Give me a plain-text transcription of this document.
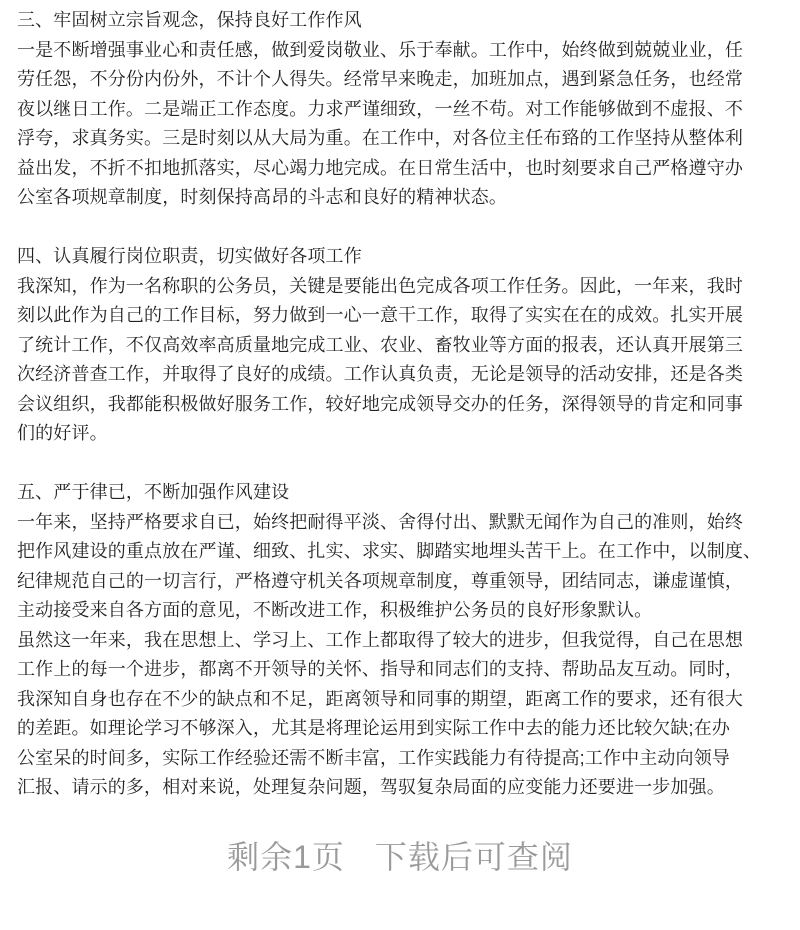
三、牢固树立宗旨观念，保持良好工作作风
一是不断增强事业心和责任感，做到爱岗敬业、乐于奉献。工作中，始终做到兢兢业业，任
劳任怨，不分份内份外，不计个人得失。经常早来晚走，加班加点，遇到紧急任务，也经常
夜以继日工作。二是端正工作态度。力求严谨细致，一丝不苟。对工作能够做到不虚报、不
浮夸，求真务实。三是时刻以从大局为重。在工作中，对各位主任布臵的工作坚持从整体利
益出发，不折不扣地抓落实，尽心竭力地完成。在日常生活中，也时刻要求自己严格遵守办
公室各项规章制度，时刻保持高昂的斗志和良好的精神状态。
四、认真履行岗位职责，切实做好各项工作
我深知，作为一名称职的公务员，关键是要能出色完成各项工作任务。因此，一年来，我时
刻以此作为自己的工作目标，努力做到一心一意干工作，取得了实实在在的成效。扎实开展
了统计工作，不仅高效率高质量地完成工业、农业、畜牧业等方面的报表，还认真开展第三
次经济普查工作，并取得了良好的成绩。工作认真负责，无论是领导的活动安排，还是各类
会议组织，我都能积极做好服务工作，较好地完成领导交办的任务，深得领导的肯定和同事
们的好评。
五、严于律已，不断加强作风建设
一年来，坚持严格要求自已，始终把耐得平淡、舍得付出、默默无闻作为自己的准则，始终
把作风建设的重点放在严谨、细致、扎实、求实、脚踏实地埋头苦干上。在工作中，以制度、
纪律规范自己的一切言行，严格遵守机关各项规章制度，尊重领导，团结同志，谦虚谨慎，
主动接受来自各方面的意见，不断改进工作，积极维护公务员的良好形象默认。
虽然这一年来，我在思想上、学习上、工作上都取得了较大的进步，但我觉得，自己在思想
工作上的每一个进步，都离不开领导的关怀、指导和同志们的支持、帮助品友互动。同时，
我深知自身也存在不少的缺点和不足，距离领导和同事的期望，距离工作的要求，还有很大
的差距。如理论学习不够深入，尤其是将理论运用到实际工作中去的能力还比较欠缺;在办
公室呆的时间多，实际工作经验还需不断丰富，工作实践能力有待提高;工作中主动向领导
汇报、请示的多，相对来说，处理复杂问题，驾驭复杂局面的应变能力还要进一步加强。
剩余1页 下载后可查阅
